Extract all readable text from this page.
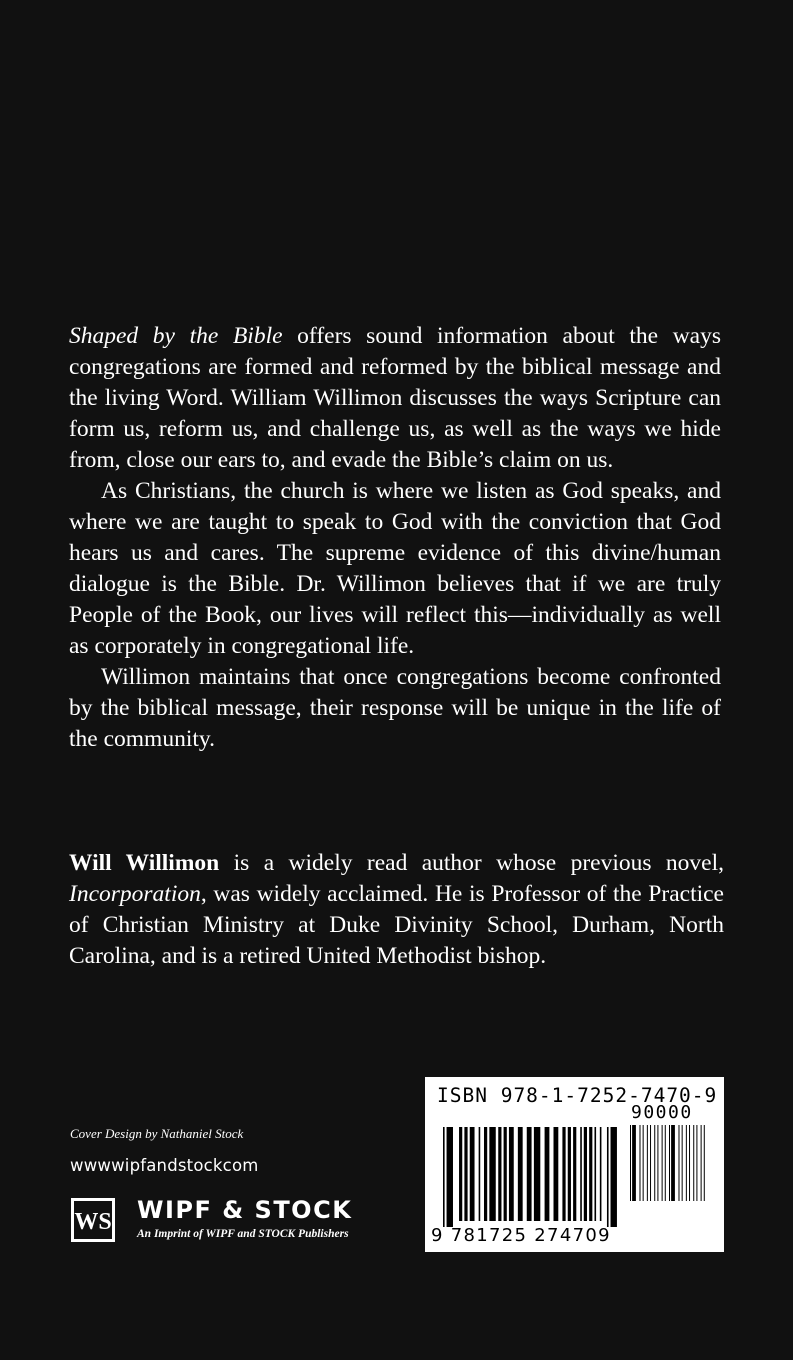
Shaped by the Bible offers sound information about the ways congregations are formed and reformed by the biblical message and the living Word. William Willimon discusses the ways Scripture can form us, reform us, and challenge us, as well as the ways we hide from, close our ears to, and evade the Bible’s claim on us.

As Christians, the church is where we listen as God speaks, and where we are taught to speak to God with the conviction that God hears us and cares. The supreme evidence of this divine/human dialogue is the Bible. Dr. Willimon believes that if we are truly People of the Book, our lives will reflect this—individually as well as corporately in congregational life.

Willimon maintains that once congregations become confronted by the biblical message, their response will be unique in the life of the community.

Will Willimon is a widely read author whose previous novel, Incorporation, was widely acclaimed. He is Professor of the Practice of Christian Ministry at Duke Divinity School, Durham, North Carolina, and is a retired United Methodist bishop.

Cover Design by Nathaniel Stock
wwwwipfandstockcom
WS WIPF & STOCK
An Imprint of WIPF and STOCK Publishers
ISBN 978-1-7252-7470-9
90000
9 781725 274709
